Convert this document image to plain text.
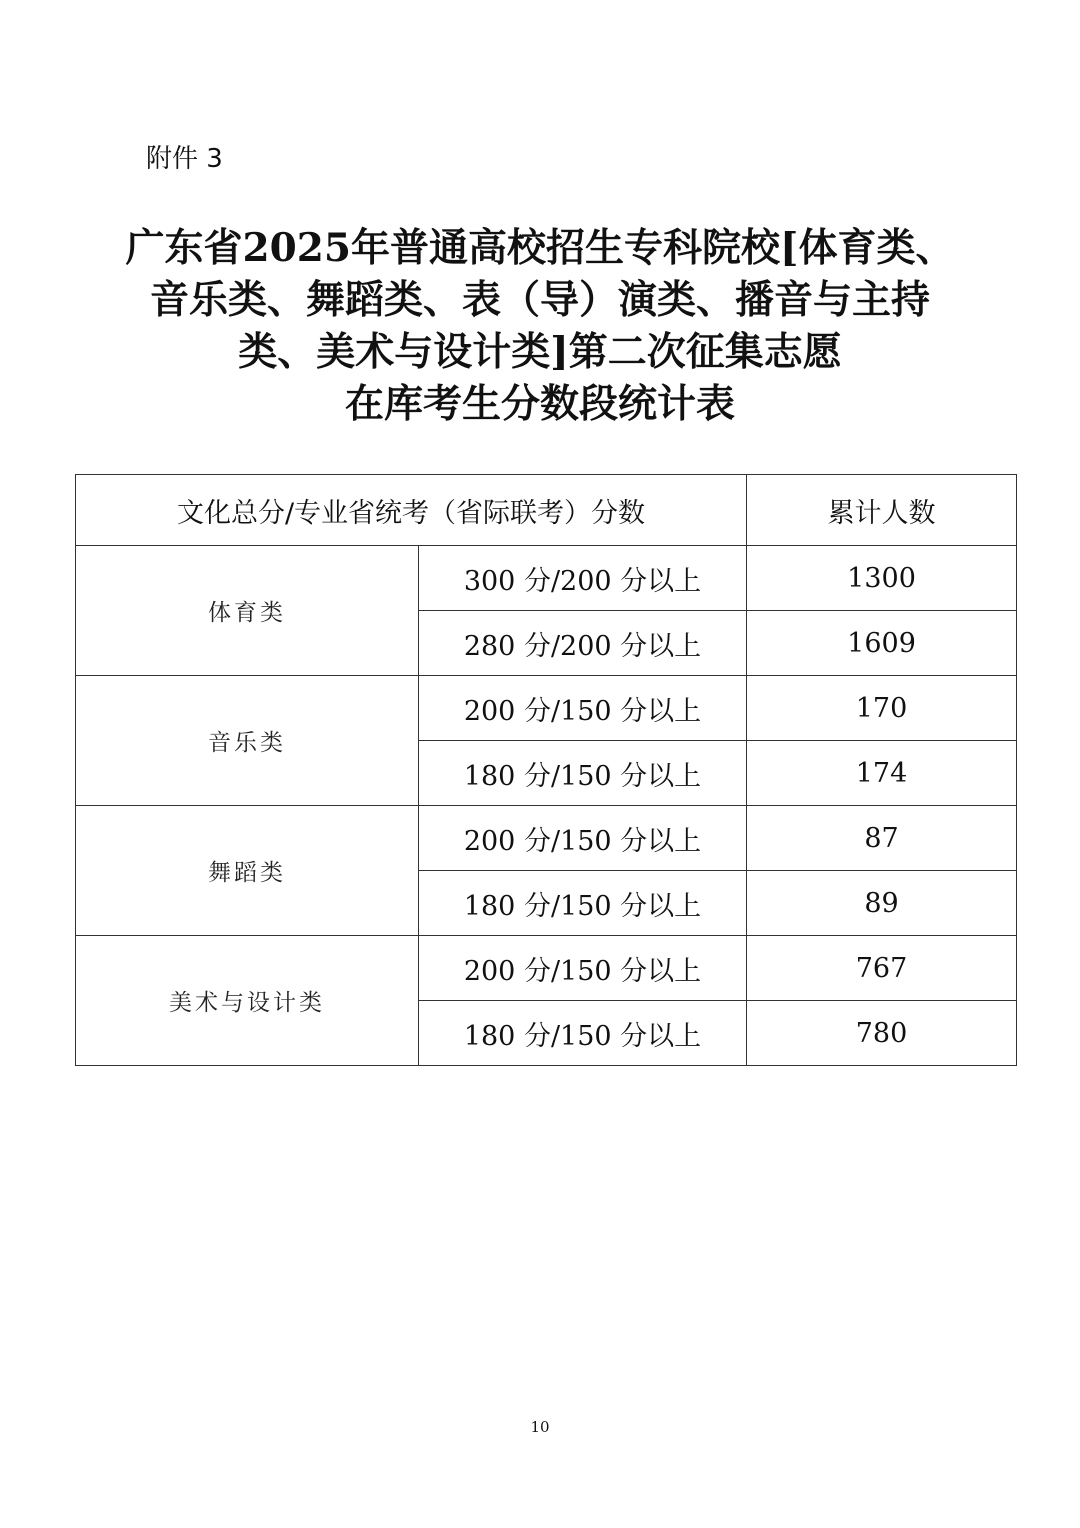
附件 3
广东省2025年普通高校招生专科院校[体育类、
音乐类、舞蹈类、表（导）演类、播音与主持
类、美术与设计类]第二次征集志愿
在库考生分数段统计表
文化总分/专业省统考（省际联考）分数		累计人数
体育类	300 分/200 分以上	1300
	280 分/200 分以上	1609
音乐类	200 分/150 分以上	170
	180 分/150 分以上	174
舞蹈类	200 分/150 分以上	87
	180 分/150 分以上	89
美术与设计类	200 分/150 分以上	767
	180 分/150 分以上	780
10
